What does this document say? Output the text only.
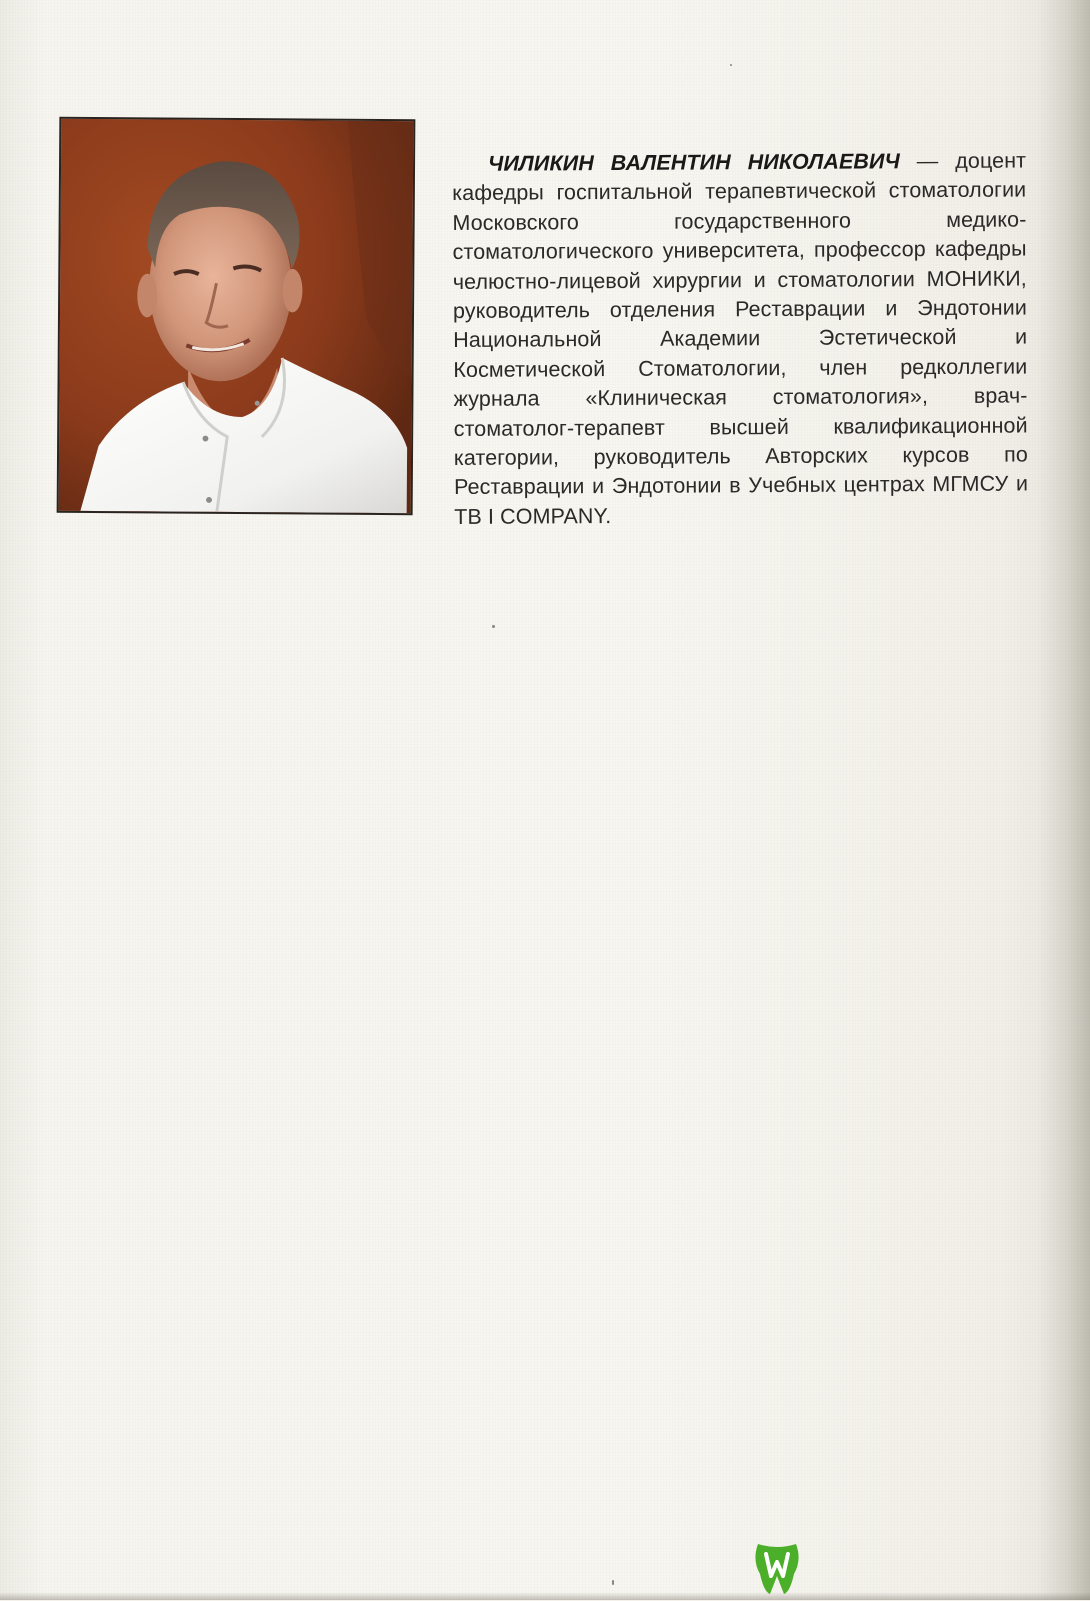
ЧИЛИКИН ВАЛЕНТИН НИКОЛАЕВИЧ — доцент кафедры госпитальной терапевтической стоматологии Московского государственного медико-стоматологического университета, профессор кафедры челюстно-лицевой хирургии и стоматологии МОНИКИ, руководитель отделения Реставрации и Эндотонии Национальной Академии Эстетической и Косметической Стоматологии, член редколлегии журнала «Клиническая стоматология», врач-стоматолог-терапевт высшей квалификационной категории, руководитель Авторских курсов по Реставрации и Эндотонии в Учебных центрах МГМСУ и ТВ I COMPANY.
